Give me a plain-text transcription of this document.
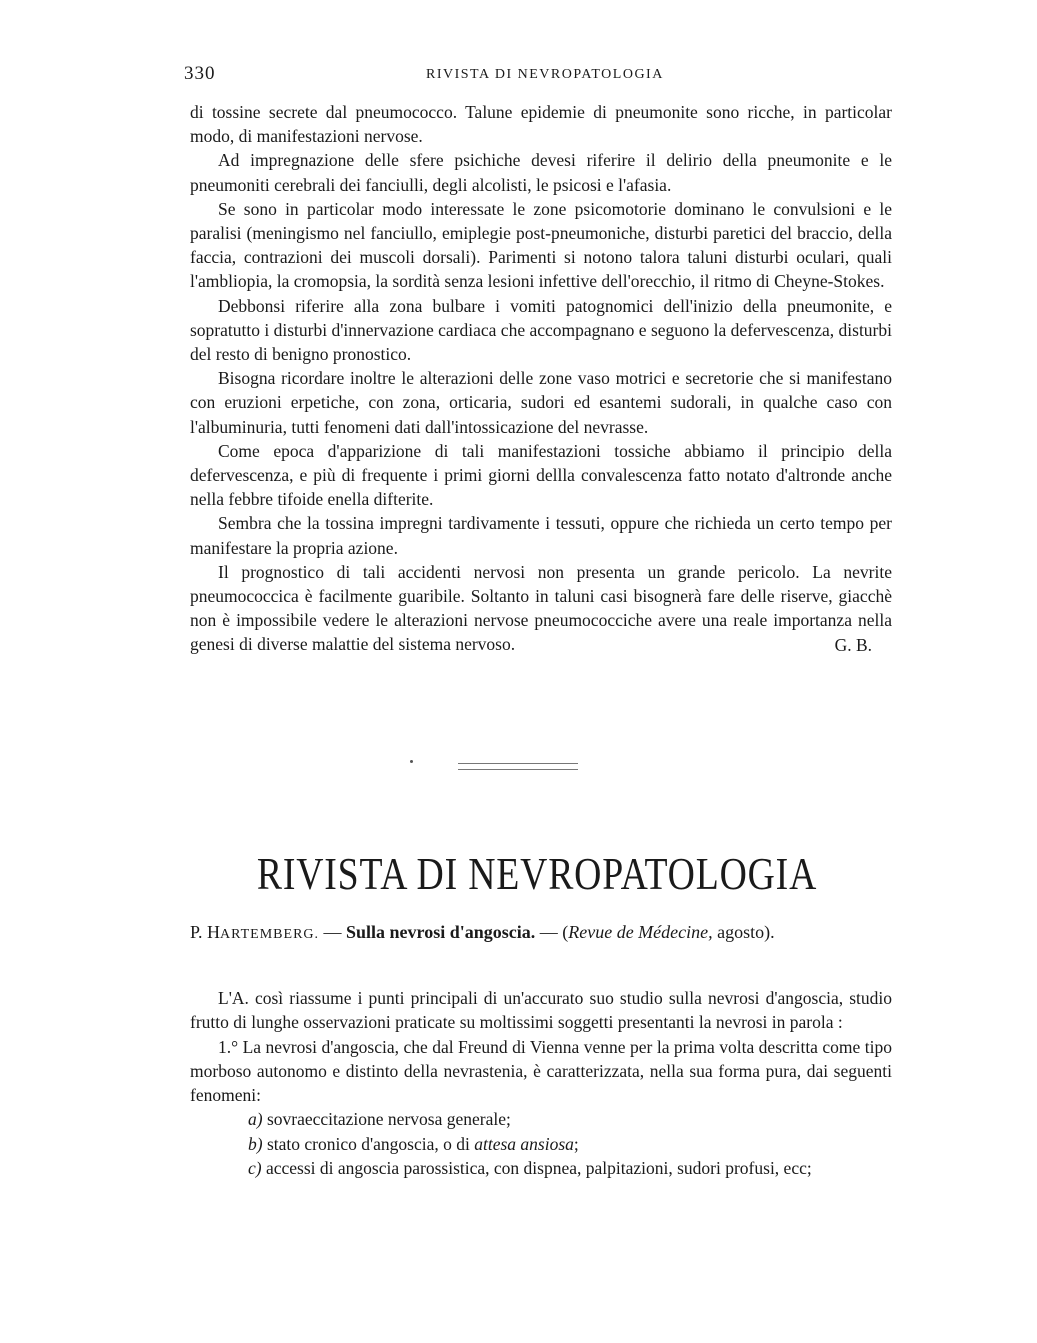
330	RIVISTA DI NEVROPATOLOGIA

di tossine secrete dal pneumococco. Talune epidemie di pneumonite sono ricche, in particolar modo, di manifestazioni nervose.

Ad impregnazione delle sfere psichiche devesi riferire il delirio della pneumonite e le pneumoniti cerebrali dei fanciulli, degli alcolisti, le psicosi e l'afasia.

Se sono in particolar modo interessate le zone psicomotorie dominano le convulsioni e le paralisi (meningismo nel fanciullo, emiplegie post-pneumoniche, disturbi paretici del braccio, della faccia, contrazioni dei muscoli dorsali). Parimenti si notono talora taluni disturbi oculari, quali l'ambliopia, la cromopsia, la sordità senza lesioni infettive dell'orecchio, il ritmo di Cheyne-Stokes.

Debbonsi riferire alla zona bulbare i vomiti patognomici dell'inizio della pneumonite, e sopratutto i disturbi d'innervazione cardiaca che accompagnano e seguono la defervescenza, disturbi del resto di benigno pronostico.

Bisogna ricordare inoltre le alterazioni delle zone vaso motrici e secretorie che si manifestano con eruzioni erpetiche, con zona, orticaria, sudori ed esantemi sudorali, in qualche caso con l'albuminuria, tutti fenomeni dati dall'intossicazione del nevrasse.

Come epoca d'apparizione di tali manifestazioni tossiche abbiamo il principio della defervescenza, e più di frequente i primi giorni dellla convalescenza fatto notato d'altronde anche nella febbre tifoide enella difterite.

Sembra che la tossina impregni tardivamente i tessuti, oppure che richieda un certo tempo per manifestare la propria azione.

Il prognostico di tali accidenti nervosi non presenta un grande pericolo. La nevrite pneumococcica è facilmente guaribile. Soltanto in taluni casi bisognerà fare delle riserve, giacchè non è impossibile vedere le alterazioni nervose pneumococciche avere una reale importanza nella genesi di diverse malattie del sistema nervoso.	G. B.
RIVISTA DI NEVROPATOLOGIA
P. HARTEMBERG. — Sulla nevrosi d'angoscia. — (Revue de Médecine, agosto).

L'A. così riassume i punti principali di un'accurato suo studio sulla nevrosi d'angoscia, studio frutto di lunghe osservazioni praticate su moltissimi soggetti presentanti la nevrosi in parola :

1.° La nevrosi d'angoscia, che dal Freund di Vienna venne per la prima volta descritta come tipo morboso autonomo e distinto della nevrastenia, è caratterizzata, nella sua forma pura, dai seguenti fenomeni:

a) sovraeccitazione nervosa generale;

b) stato cronico d'angoscia, o di attesa ansiosa;

c) accessi di angoscia parossistica, con dispnea, palpitazioni, sudori profusi, ecc;
